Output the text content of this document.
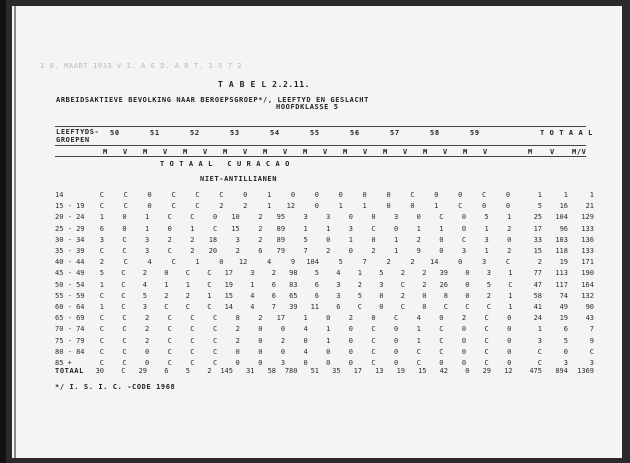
1 0. MAART 1933 V 1. A E D. A R T. 1 5 7 2
T A B E L 2.2.11.
ARBEIDSAKTIEVE BEVOLKING NAAR BEROEPSGROEP*/, LEEFTYD EN GESLACHT
HOOFDKLASSE 5
LEEFTYDS-
GROEPEN
50
M V
51
M V
52
M V
53
M V
54
M V
55
M V
56
M V
57
M V
58
M V
59
M V
T O T A A L
M V M/V
T O T A A L   C U R A C A O
NIET-ANTILLIANEN
14	C	C	0	C	C	C	0	1	0	0	0	0	0	C	0	0	C	0	1	1	1
15 - 19	C	C	0	C	C	2	2	1	12	0	1	1	0	0	1	C	0	0	5	16	21
20 - 24	1	0	1	C	C	0	10	2	95	3	3	0	0	3	0	C	0	5	1	25	104	129
25 - 29	6	0	1	0	1	C	15	2	89	1	1	3	C	0	1	1	0	1	2	17	96	133
30 - 34	3	C	3	2	2	18	3	2	89	5	0	1	0	1	2	0	C	3	0	33	103	136
35 - 39	C	C	3	C	2	20	2	6	79	7	2	0	2	1	9	0	3	1	2	15	118	133
40 - 44	2	C	4	C	1	0	12	4	9	104	5	7	2	2	14	0	3	C	2	19	171
45 - 49	5	C	2	0	C	C	17	3	2	98	5	4	1	5	2	2	39	0	3	1	77	113	190
50 - 54	1	C	4	1	1	C	19	1	6	83	6	3	2	3	C	2	26	0	5	C	47	117	164
55 - 59	C	C	5	2	2	1	15	4	6	65	6	3	5	0	2	0	8	0	2	1	58	74	132
60 - 64	1	C	3	C	C	C	14	4	7	39	11	6	C	0	C	0	C	C	C	1	41	49	90
65 - 69	C	C	2	C	C	C	8	2	17	1	0	2	0	C	4	0	2	C	0	24	19	43
70 - 74	C	C	2	C	C	C	2	0	0	4	1	0	C	0	1	C	0	C	0	1	6	7
75 - 79	C	C	2	C	C	C	2	0	2	0	1	0	C	0	1	C	0	C	0	3	5	9
80 - 84	C	C	0	C	C	C	0	0	0	4	0	0	C	0	C	C	0	C	0	C	0	C
85 +	C	C	0	C	C	C	0	0	3	0	0	0	C	0	C	0	0	C	0	C	3	3
TOTAAL	30	C	29	6	5	2	145	31	58	780	51	35	17	13	19	15	42	0	29	12	475	894	1369
*/ I. S. I. C. -CODE 1968
